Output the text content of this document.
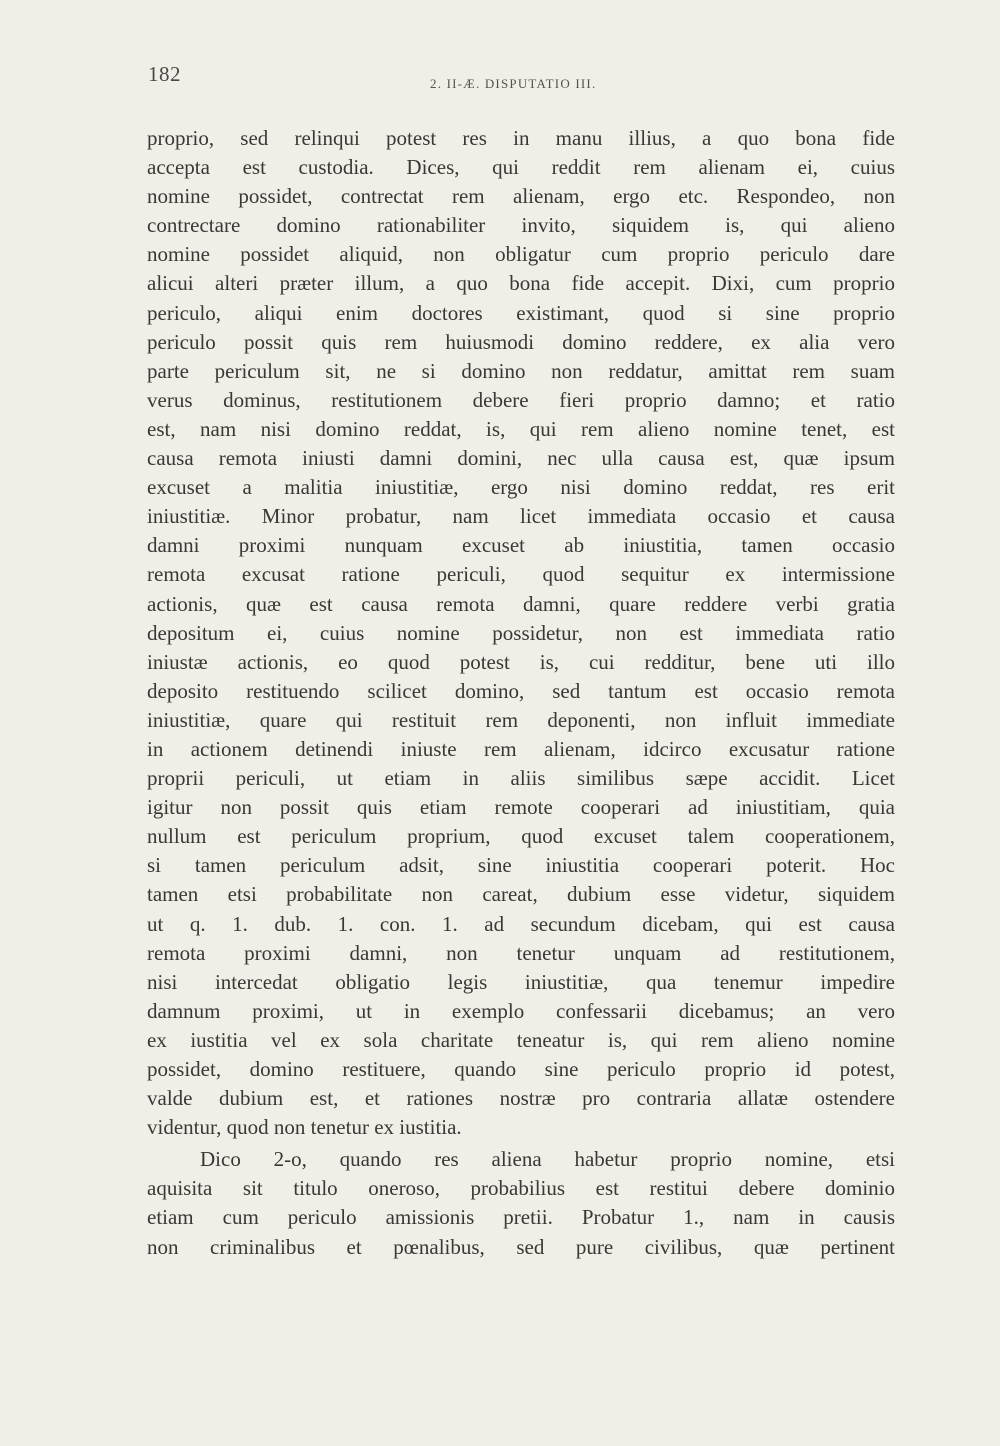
182	2. II-Æ. DISPUTATIO III.
proprio, sed relinqui potest res in manu illius, a quo bona fide
accepta est custodia. Dices, qui reddit rem alienam ei, cuius
nomine possidet, contrectat rem alienam, ergo etc. Respondeo, non
contrectare domino rationabiliter invito, siquidem is, qui alieno
nomine possidet aliquid, non obligatur cum proprio periculo dare
alicui alteri præter illum, a quo bona fide accepit. Dixi, cum proprio
periculo, aliqui enim doctores existimant, quod si sine proprio
periculo possit quis rem huiusmodi domino reddere, ex alia vero
parte periculum sit, ne si domino non reddatur, amittat rem suam
verus dominus, restitutionem debere fieri proprio damno; et ratio
est, nam nisi domino reddat, is, qui rem alieno nomine tenet, est
causa remota iniusti damni domini, nec ulla causa est, quæ ipsum
excuset a malitia iniustitiæ, ergo nisi domino reddat, res erit
iniustitiæ. Minor probatur, nam licet immediata occasio et causa
damni proximi nunquam excuset ab iniustitia, tamen occasio
remota excusat ratione periculi, quod sequitur ex intermissione
actionis, quæ est causa remota damni, quare reddere verbi gratia
depositum ei, cuius nomine possidetur, non est immediata ratio
iniustæ actionis, eo quod potest is, cui redditur, bene uti illo
deposito restituendo scilicet domino, sed tantum est occasio remota
iniustitiæ, quare qui restituit rem deponenti, non influit immediate
in actionem detinendi iniuste rem alienam, idcirco excusatur ratione
proprii periculi, ut etiam in aliis similibus sæpe accidit. Licet
igitur non possit quis etiam remote cooperari ad iniustitiam, quia
nullum est periculum proprium, quod excuset talem cooperationem,
si tamen periculum adsit, sine iniustitia cooperari poterit. Hoc
tamen etsi probabilitate non careat, dubium esse videtur, siquidem
ut q. 1. dub. 1. con. 1. ad secundum dicebam, qui est causa
remota proximi damni, non tenetur unquam ad restitutionem,
nisi intercedat obligatio legis iniustitiæ, qua tenemur impedire
damnum proximi, ut in exemplo confessarii dicebamus; an vero
ex iustitia vel ex sola charitate teneatur is, qui rem alieno nomine
possidet, domino restituere, quando sine periculo proprio id potest,
valde dubium est, et rationes nostræ pro contraria allatæ ostendere
videntur, quod non tenetur ex iustitia.
Dico 2-o, quando res aliena habetur proprio nomine, etsi
aquisita sit titulo oneroso, probabilius est restitui debere dominio
etiam cum periculo amissionis pretii. Probatur 1., nam in causis
non criminalibus et pœnalibus, sed pure civilibus, quæ pertinent
